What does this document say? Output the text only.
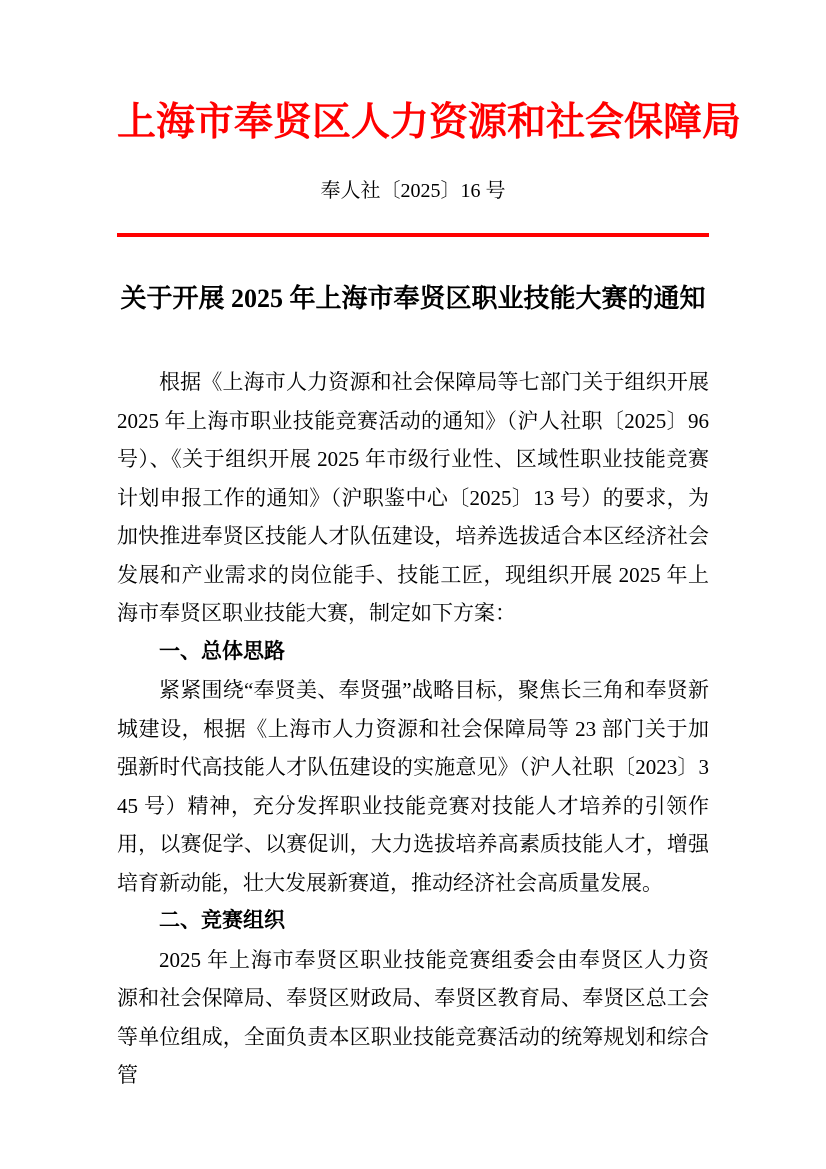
上海市奉贤区人力资源和社会保障局
奉人社〔2025〕16 号
关于开展 2025 年上海市奉贤区职业技能大赛的通知

根据《上海市人力资源和社会保障局等七部门关于组织开展 2025 年上海市职业技能竞赛活动的通知》（沪人社职〔2025〕96 号）、《关于组织开展 2025 年市级行业性、区域性职业技能竞赛计划申报工作的通知》（沪职鉴中心〔2025〕13 号）的要求，为加快推进奉贤区技能人才队伍建设，培养选拔适合本区经济社会发展和产业需求的岗位能手、技能工匠，现组织开展 2025 年上海市奉贤区职业技能大赛，制定如下方案：

一、总体思路

紧紧围绕“奉贤美、奉贤强”战略目标，聚焦长三角和奉贤新城建设，根据《上海市人力资源和社会保障局等 23 部门关于加强新时代高技能人才队伍建设的实施意见》（沪人社职〔2023〕345 号）精神，充分发挥职业技能竞赛对技能人才培养的引领作用，以赛促学、以赛促训，大力选拔培养高素质技能人才，增强培育新动能，壮大发展新赛道，推动经济社会高质量发展。

二、竞赛组织

2025 年上海市奉贤区职业技能竞赛组委会由奉贤区人力资源和社会保障局、奉贤区财政局、奉贤区教育局、奉贤区总工会等单位组成，全面负责本区职业技能竞赛活动的统筹规划和综合管
